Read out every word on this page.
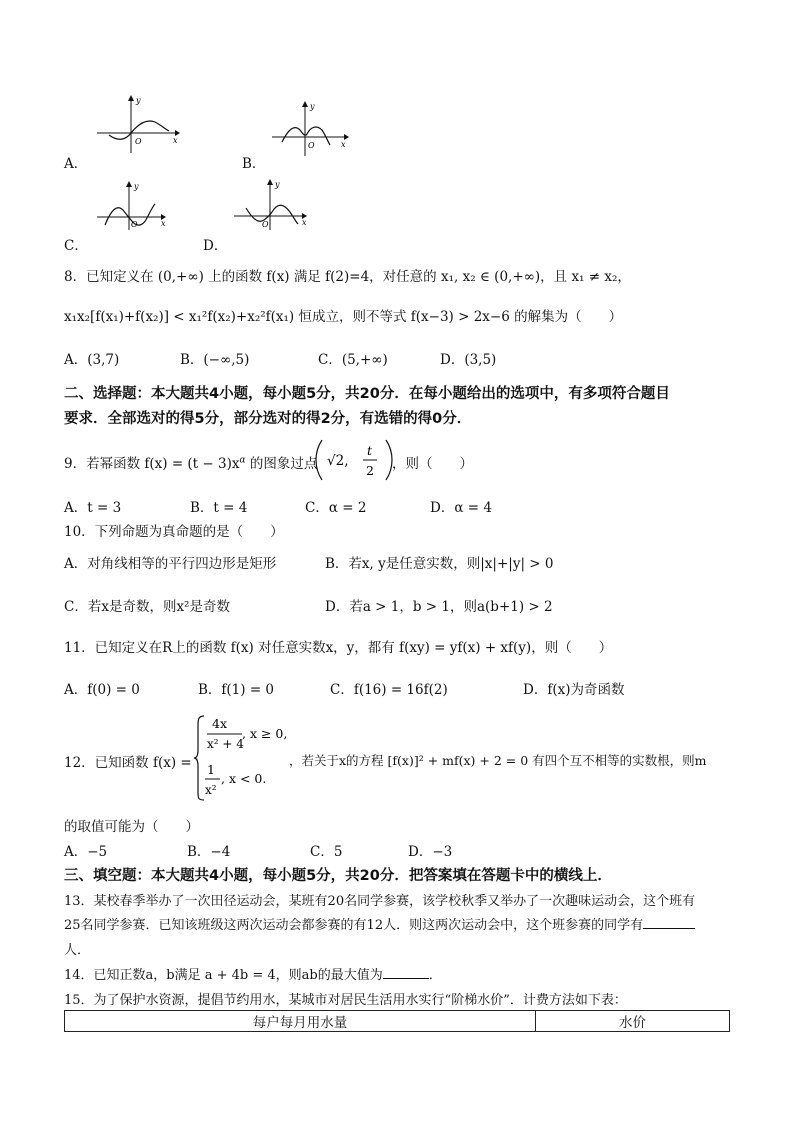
A．
y
x
O
B．
y
x
O
C．
y
x
O
D．
y
x
O
8．已知定义在 (0,+∞) 上的函数 f(x) 满足 f(2)=4，对任意的 x₁, x₂ ∈ (0,+∞)，且 x₁ ≠ x₂，
x₁x₂[f(x₁)+f(x₂)] < x₁²f(x₂)+x₂²f(x₁) 恒成立，则不等式 f(x−3) > 2x−6 的解集为（　　）
A．(3,7)	B．(−∞,5)	C．(5,+∞)	D．(3,5)
二、选择题：本大题共4小题，每小题5分，共20分．在每小题给出的选项中，有多项符合题目
要求．全部选对的得5分，部分选对的得2分，有选错的得0分．
9．若幂函数 $f(x) = (t - 3)x^\alpha$ 的图象过点 √2,
t
2 ，则（　　）
A．t = 3	B．t = 4	C．α = 2	D．α = 4
10．下列命题为真命题的是（　　）
A．对角线相等的平行四边形是矩形	B．若x, y是任意实数，则|x|+|y| > 0
C．若x是奇数，则x²是奇数	D．若a > 1，b > 1，则a(b+1) > 2
11．已知定义在R上的函数 f(x) 对任意实数x，y，都有 f(xy) = yf(x) + xf(y)，则（　　）
A．f(0) = 0	B．f(1) = 0	C．f(16) = 16f(2)	D．f(x)为奇函数
12．已知函数 f(x) =
4x
x² + 4
, x ≥ 0,
1
x²
, x < 0.
，若关于x的方程 [f(x)]² + mf(x) + 2 = 0 有四个互不相等的实数根，则m
的取值可能为（　　）
A．−5	B．−4	C．5	D．−3
三、填空题：本大题共4小题，每小题5分，共20分．把答案填在答题卡中的横线上．
13．某校春季举办了一次田径运动会，某班有20名同学参赛，该学校秋季又举办了一次趣味运动会，这个班有
25名同学参赛．已知该班级这两次运动会都参赛的有12人．则这两次运动会中，这个班参赛的同学有
人．
14．已知正数a，b满足 a + 4b = 4，则ab的最大值为	．
15．为了保护水资源，提倡节约用水，某城市对居民生活用水实行“阶梯水价”．计费方法如下表：
每户每月用水量	水价
